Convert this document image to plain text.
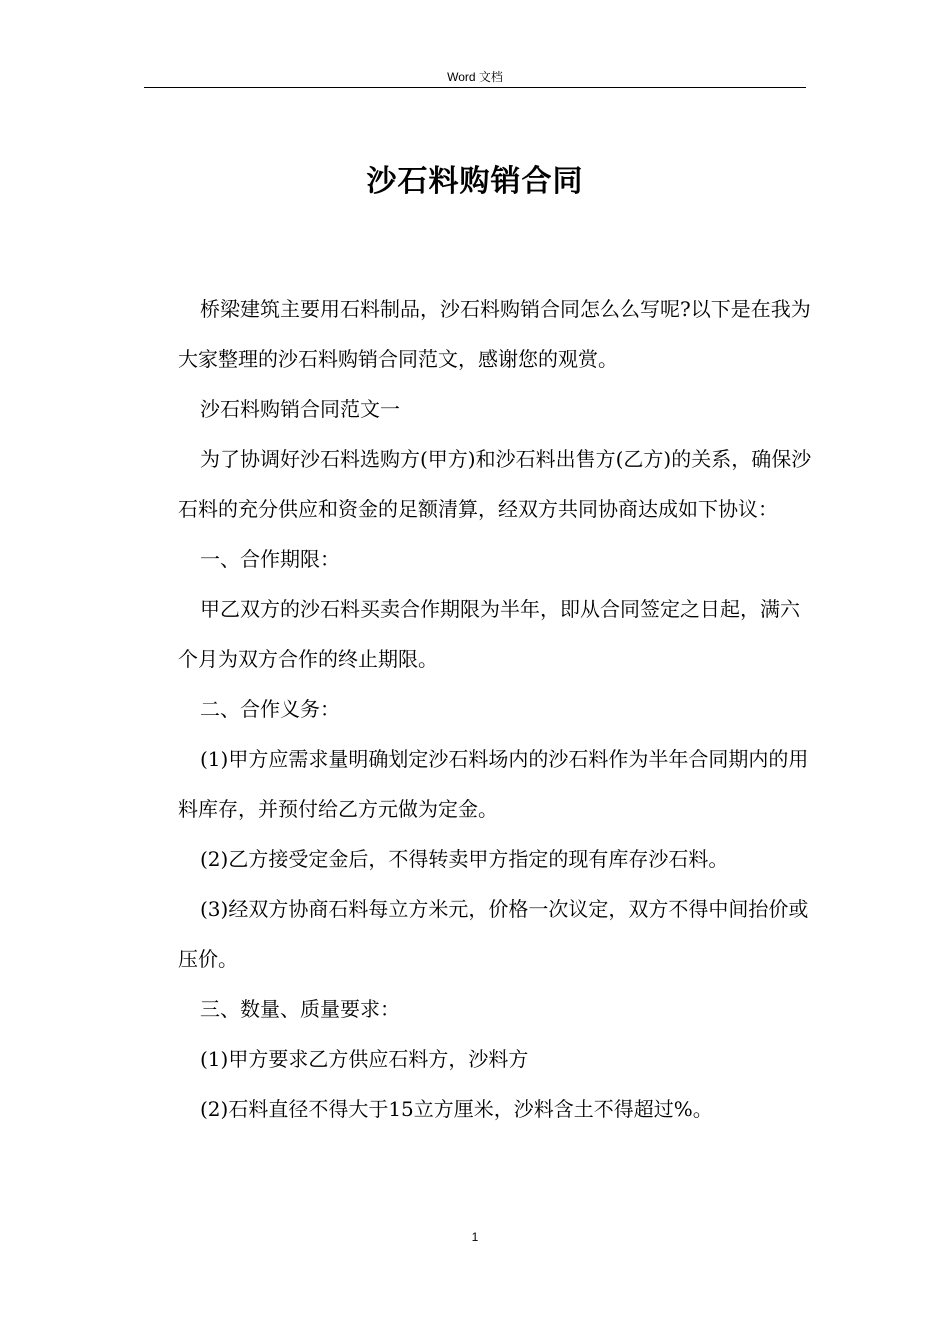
Word 文档
沙石料购销合同

桥梁建筑主要用石料制品，沙石料购销合同怎么么写呢?以下是在我为大家整理的沙石料购销合同范文，感谢您的观赏。

沙石料购销合同范文一

为了协调好沙石料选购方(甲方)和沙石料出售方(乙方)的关系，确保沙石料的充分供应和资金的足额清算，经双方共同协商达成如下协议：

一、合作期限：

甲乙双方的沙石料买卖合作期限为半年，即从合同签定之日起，满六个月为双方合作的终止期限。

二、合作义务：

(1)甲方应需求量明确划定沙石料场内的沙石料作为半年合同期内的用料库存，并预付给乙方元做为定金。

(2)乙方接受定金后，不得转卖甲方指定的现有库存沙石料。

(3)经双方协商石料每立方米元，价格一次议定，双方不得中间抬价或压价。

三、数量、质量要求：

(1)甲方要求乙方供应石料方，沙料方

(2)石料直径不得大于15立方厘米，沙料含土不得超过%。

1
